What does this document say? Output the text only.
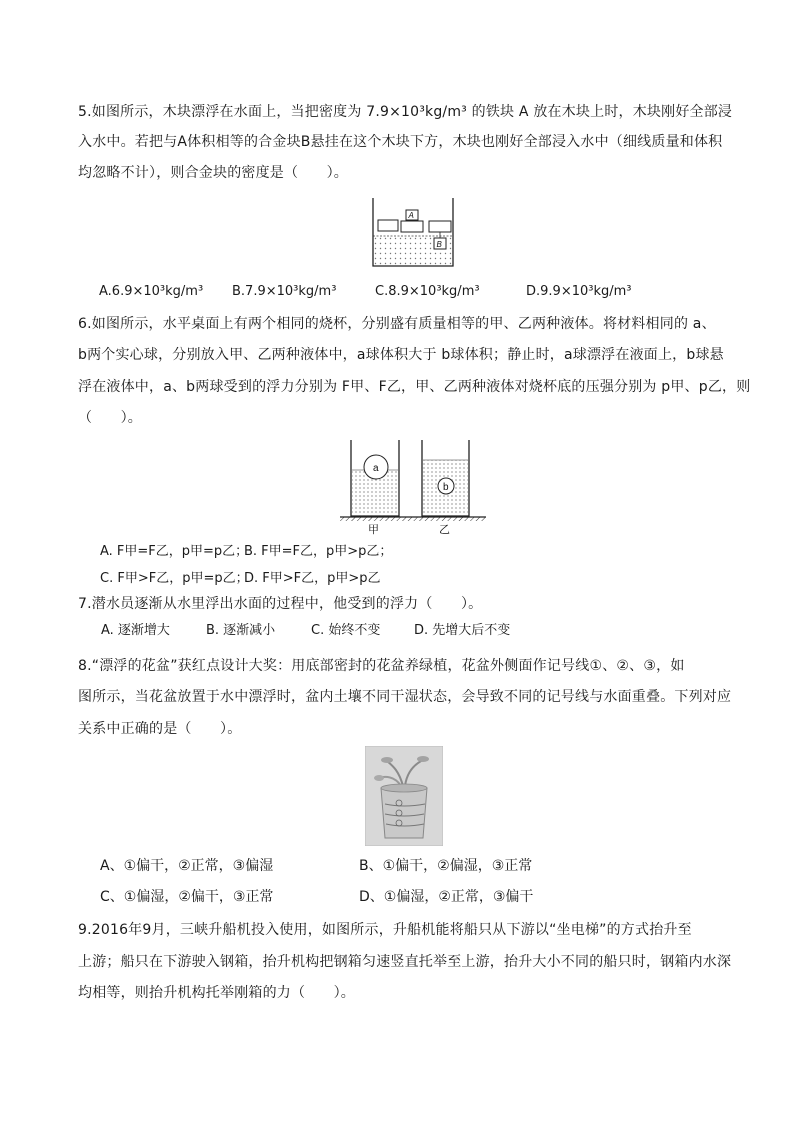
5.如图所示，木块漂浮在水面上，当把密度为 7.9×10³kg/m³ 的铁块 A 放在木块上时，木块刚好全部浸
入水中。若把与A体积相等的合金块B悬挂在这个木块下方，木块也刚好全部浸入水中（细线质量和体积
均忽略不计），则合金块的密度是（　　）。
A
B
A.6.9×10³kg/m³ B.7.9×10³kg/m³	C.8.9×10³kg/m³	D.9.9×10³kg/m³
6.如图所示，水平桌面上有两个相同的烧杯，分别盛有质量相等的甲、乙两种液体。将材料相同的 a、
b两个实心球，分别放入甲、乙两种液体中，a球体积大于 b球体积；静止时，a球漂浮在液面上，b球悬
浮在液体中，a、b两球受到的浮力分别为 F甲、F乙，甲、乙两种液体对烧杯底的压强分别为 p甲、p乙，则
（　　）。
a
b
甲	乙
A. F甲=F乙，p甲=p乙；
B. F甲=F乙，p甲>p乙；
C. F甲>F乙，p甲=p乙；
D. F甲>F乙，p甲>p乙
7.潜水员逐渐从水里浮出水面的过程中，他受到的浮力（　　）。
A. 逐渐增大	B. 逐渐减小	C. 始终不变	D. 先增大后不变
8.“漂浮的花盆”获红点设计大奖：用底部密封的花盆养绿植，花盆外侧面作记号线①、②、③，如
图所示，当花盆放置于水中漂浮时，盆内土壤不同干湿状态，会导致不同的记号线与水面重叠。下列对应
关系中正确的是（　　）。
A、①偏干，②正常，③偏湿	B、①偏干，②偏湿，③正常
C、①偏湿，②偏干，③正常	D、①偏湿，②正常，③偏干
9.2016年9月，三峡升船机投入使用，如图所示，升船机能将船只从下游以“坐电梯”的方式抬升至
上游；船只在下游驶入钢箱，抬升机构把钢箱匀速竖直托举至上游，抬升大小不同的船只时，钢箱内水深
均相等，则抬升机构托举刚箱的力（　　）。
